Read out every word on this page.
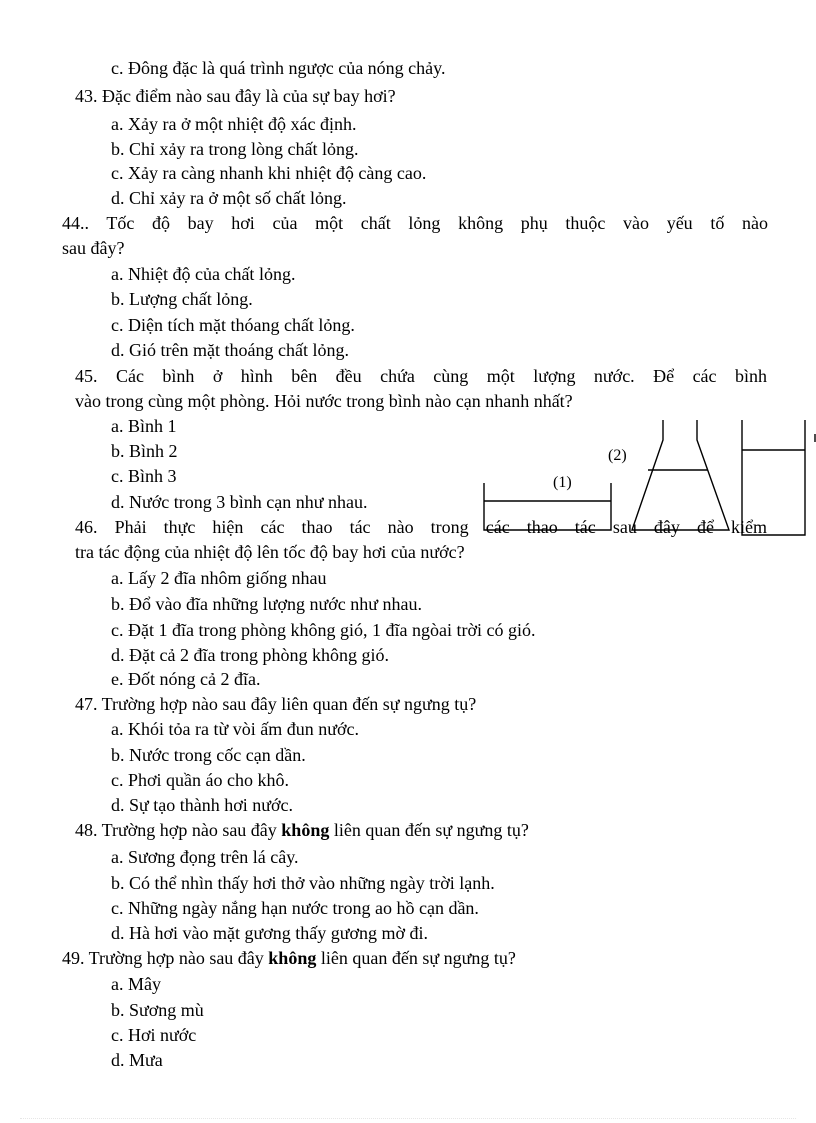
c. Đông đặc là quá trình ngược của nóng chảy.
43. Đặc điểm nào sau đây là của sự bay hơi?
a. Xảy ra ở một nhiệt độ xác định.
b. Chỉ xảy ra trong lòng chất lỏng.
c. Xảy ra càng nhanh khi nhiệt độ càng cao.
d. Chỉ xảy ra ở một số chất lỏng.
44.. Tốc độ bay hơi của một chất lỏng không phụ thuộc vào yếu tố nào
sau đây?
a. Nhiệt độ của chất lỏng.
b. Lượng chất lỏng.
c. Diện tích mặt thóang chất lỏng.
d. Gió trên mặt thoáng chất lỏng.
45. Các bình ở hình bên đều chứa cùng một lượng nước. Để các bình
vào trong cùng một phòng. Hỏi nước trong bình nào cạn nhanh nhất?
a. Bình 1
b. Bình 2
c. Bình 3
d. Nước trong 3 bình cạn như nhau.
(1)
(2)
46. Phải thực hiện các thao tác nào trong các thao tác sau đây để kiểm
tra tác động của nhiệt độ lên tốc độ bay hơi của nước?
a. Lấy 2 đĩa nhôm giống nhau
b. Đổ vào đĩa những lượng nước như nhau.
c. Đặt 1 đĩa trong phòng không gió, 1 đĩa ngòai trời có gió.
d. Đặt cả 2 đĩa trong phòng không gió.
e. Đốt nóng cả 2 đĩa.
47. Trường hợp nào sau đây liên quan đến sự ngưng tụ?
a. Khói tỏa ra từ vòi ấm đun nước.
b. Nước trong cốc cạn dần.
c. Phơi quần áo cho khô.
d. Sự tạo thành hơi nước.
48. Trường hợp nào sau đây không liên quan đến sự ngưng tụ?
a. Sương đọng trên lá cây.
b. Có thể nhìn thấy hơi thở vào những ngày trời lạnh.
c. Những ngày nắng hạn nước trong ao hồ cạn dần.
d. Hà hơi vào mặt gương thấy gương mờ đi.
49. Trường hợp nào sau đây không liên quan đến sự ngưng tụ?
a. Mây
b. Sương mù
c. Hơi nước
d. Mưa
